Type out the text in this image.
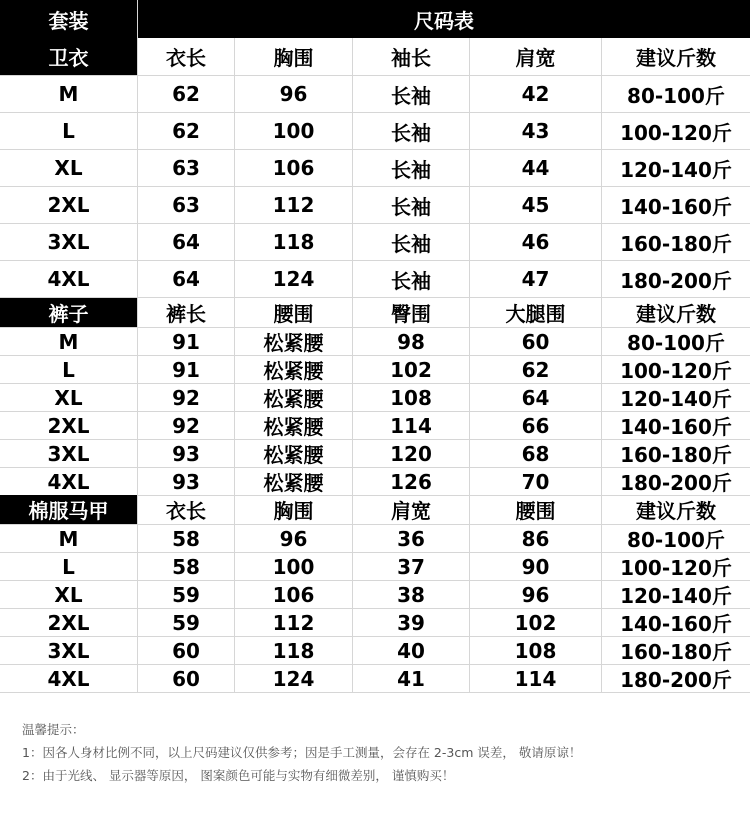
套装	尺码表
卫衣	衣长	胸围	袖长	肩宽	建议斤数
M	62	96	长袖	42	80-100斤
L	62	100	长袖	43	100-120斤
XL	63	106	长袖	44	120-140斤
2XL	63	112	长袖	45	140-160斤
3XL	64	118	长袖	46	160-180斤
4XL	64	124	长袖	47	180-200斤
裤子	裤长	腰围	臀围	大腿围	建议斤数
M	91	松紧腰	98	60	80-100斤
L	91	松紧腰	102	62	100-120斤
XL	92	松紧腰	108	64	120-140斤
2XL	92	松紧腰	114	66	140-160斤
3XL	93	松紧腰	120	68	160-180斤
4XL	93	松紧腰	126	70	180-200斤
棉服马甲	衣长	胸围	肩宽	腰围	建议斤数
M	58	96	36	86	80-100斤
L	58	100	37	90	100-120斤
XL	59	106	38	96	120-140斤
2XL	59	112	39	102	140-160斤
3XL	60	118	40	108	160-180斤
4XL	60	124	41	114	180-200斤
温馨提示：
1：因各人身材比例不同，以上尺码建议仅供参考；因是手工测量，会存在 2-3cm 误差， 敬请原谅！
2：由于光线、 显示器等原因， 图案颜色可能与实物有细微差别， 谨慎购买！
